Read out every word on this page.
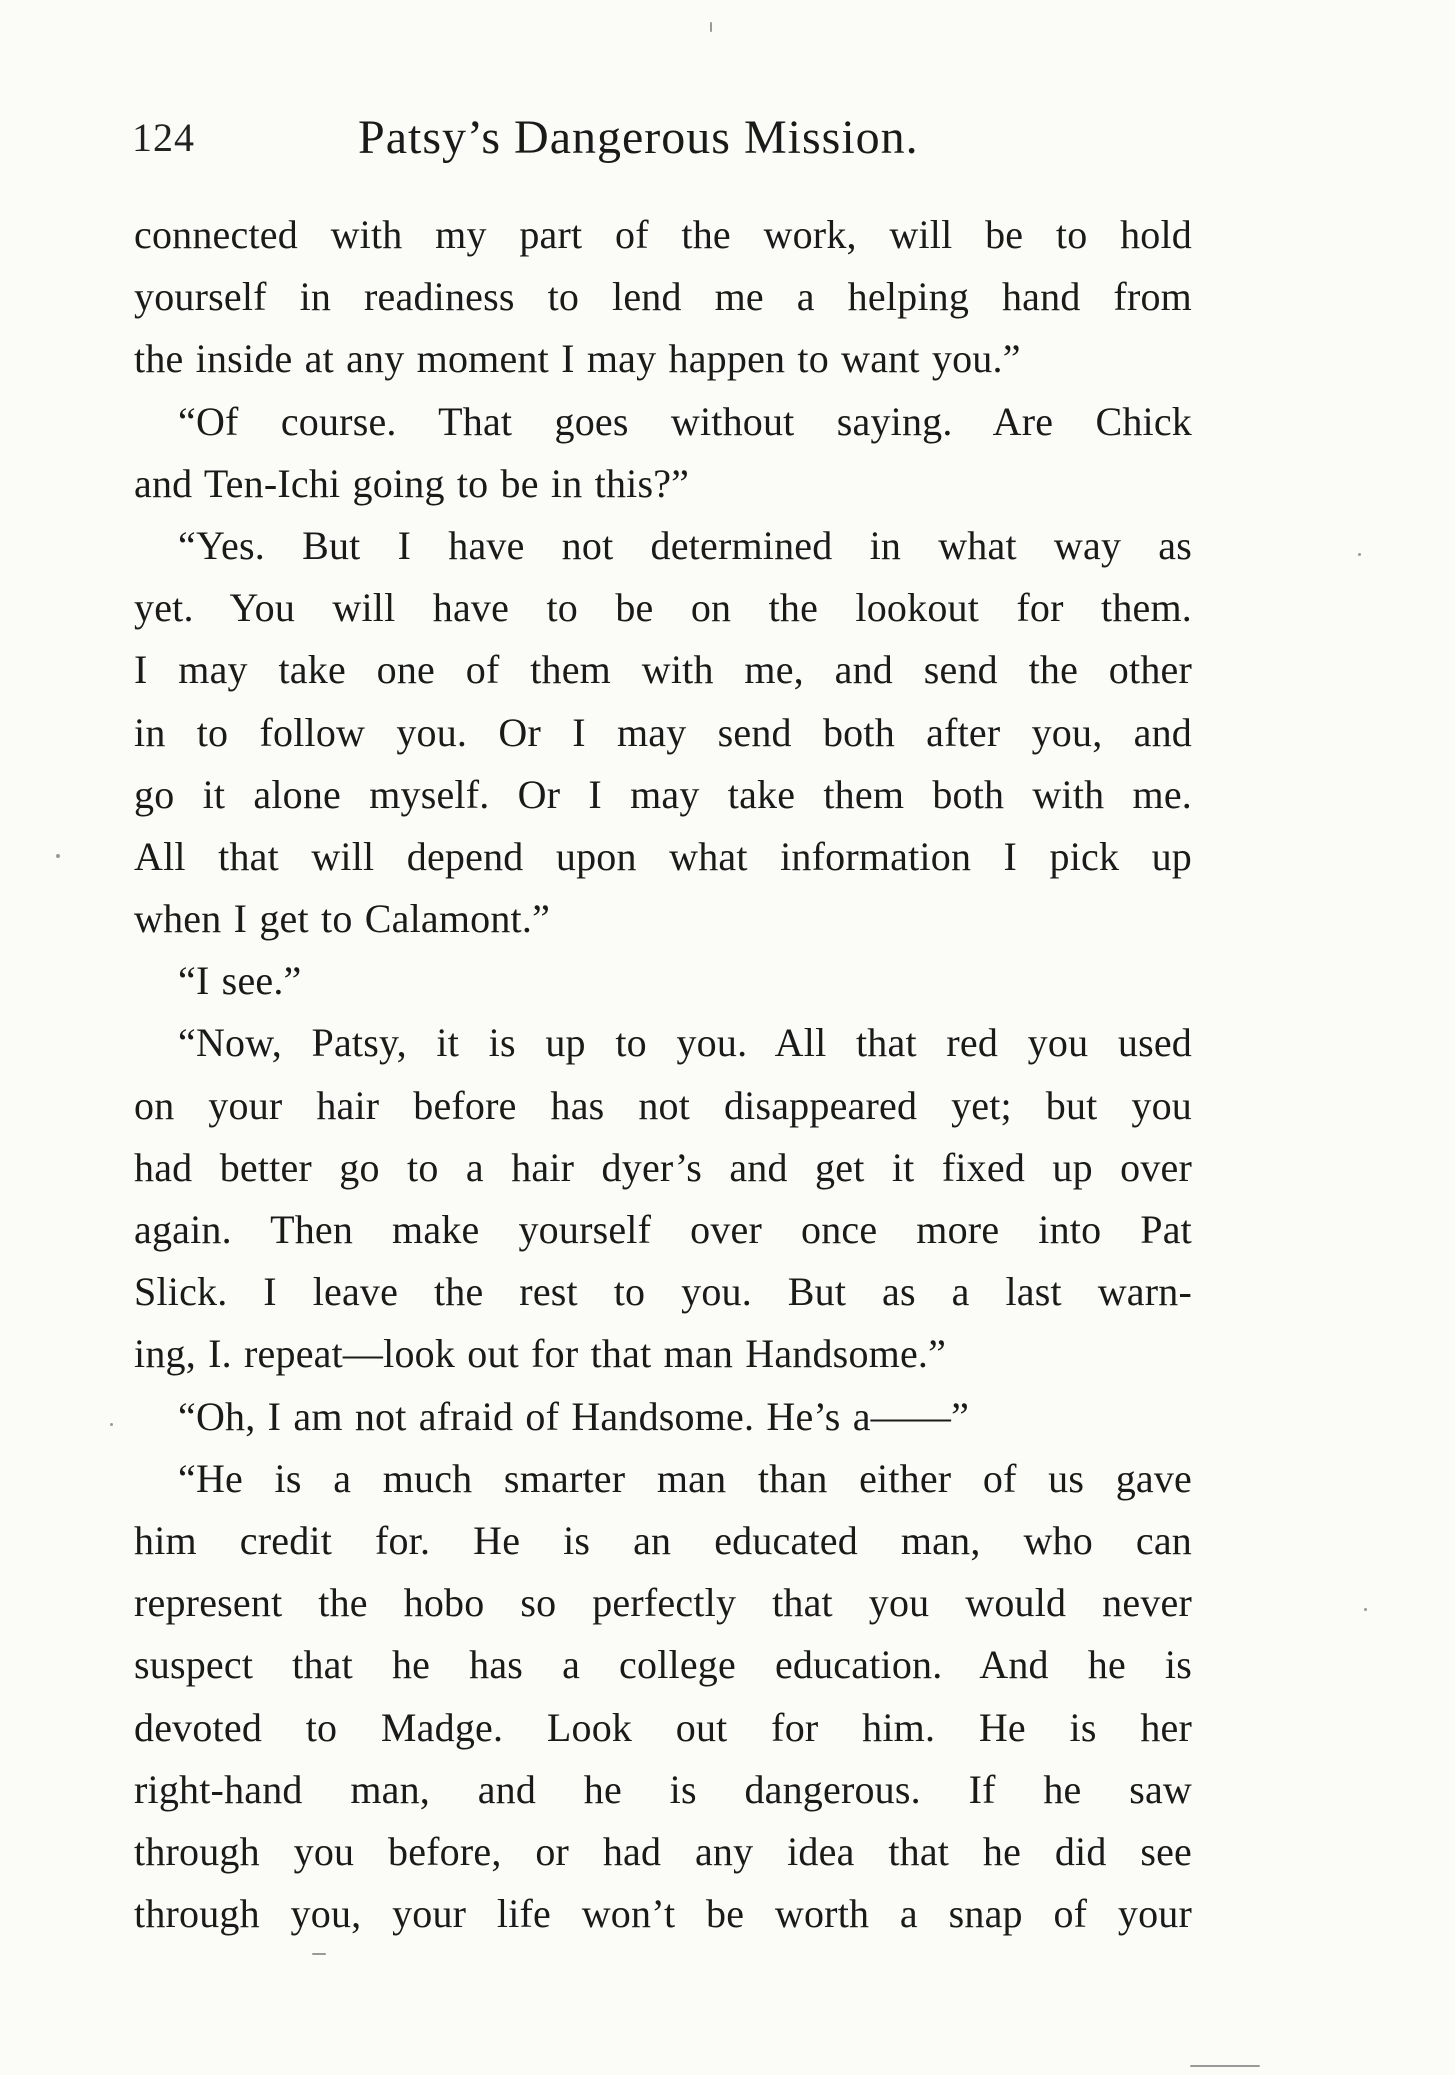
124	Patsy’s Dangerous Mission.
connected with my part of the work, will be to hold
yourself in readiness to lend me a helping hand from
the inside at any moment I may happen to want you.”
“Of course. That goes without saying. Are Chick
and Ten-Ichi going to be in this?”
“Yes. But I have not determined in what way as
yet. You will have to be on the lookout for them.
I may take one of them with me, and send the other
in to follow you. Or I may send both after you, and
go it alone myself. Or I may take them both with me.
All that will depend upon what information I pick up
when I get to Calamont.”
“I see.”
“Now, Patsy, it is up to you. All that red you used
on your hair before has not disappeared yet; but you
had better go to a hair dyer’s and get it fixed up over
again. Then make yourself over once more into Pat
Slick. I leave the rest to you. But as a last warn-
ing, I. repeat—look out for that man Handsome.”
“Oh, I am not afraid of Handsome. He’s a——”
“He is a much smarter man than either of us gave
him credit for. He is an educated man, who can
represent the hobo so perfectly that you would never
suspect that he has a college education. And he is
devoted to Madge. Look out for him. He is her
right-hand man, and he is dangerous. If he saw
through you before, or had any idea that he did see
through you, your life won’t be worth a snap of your
